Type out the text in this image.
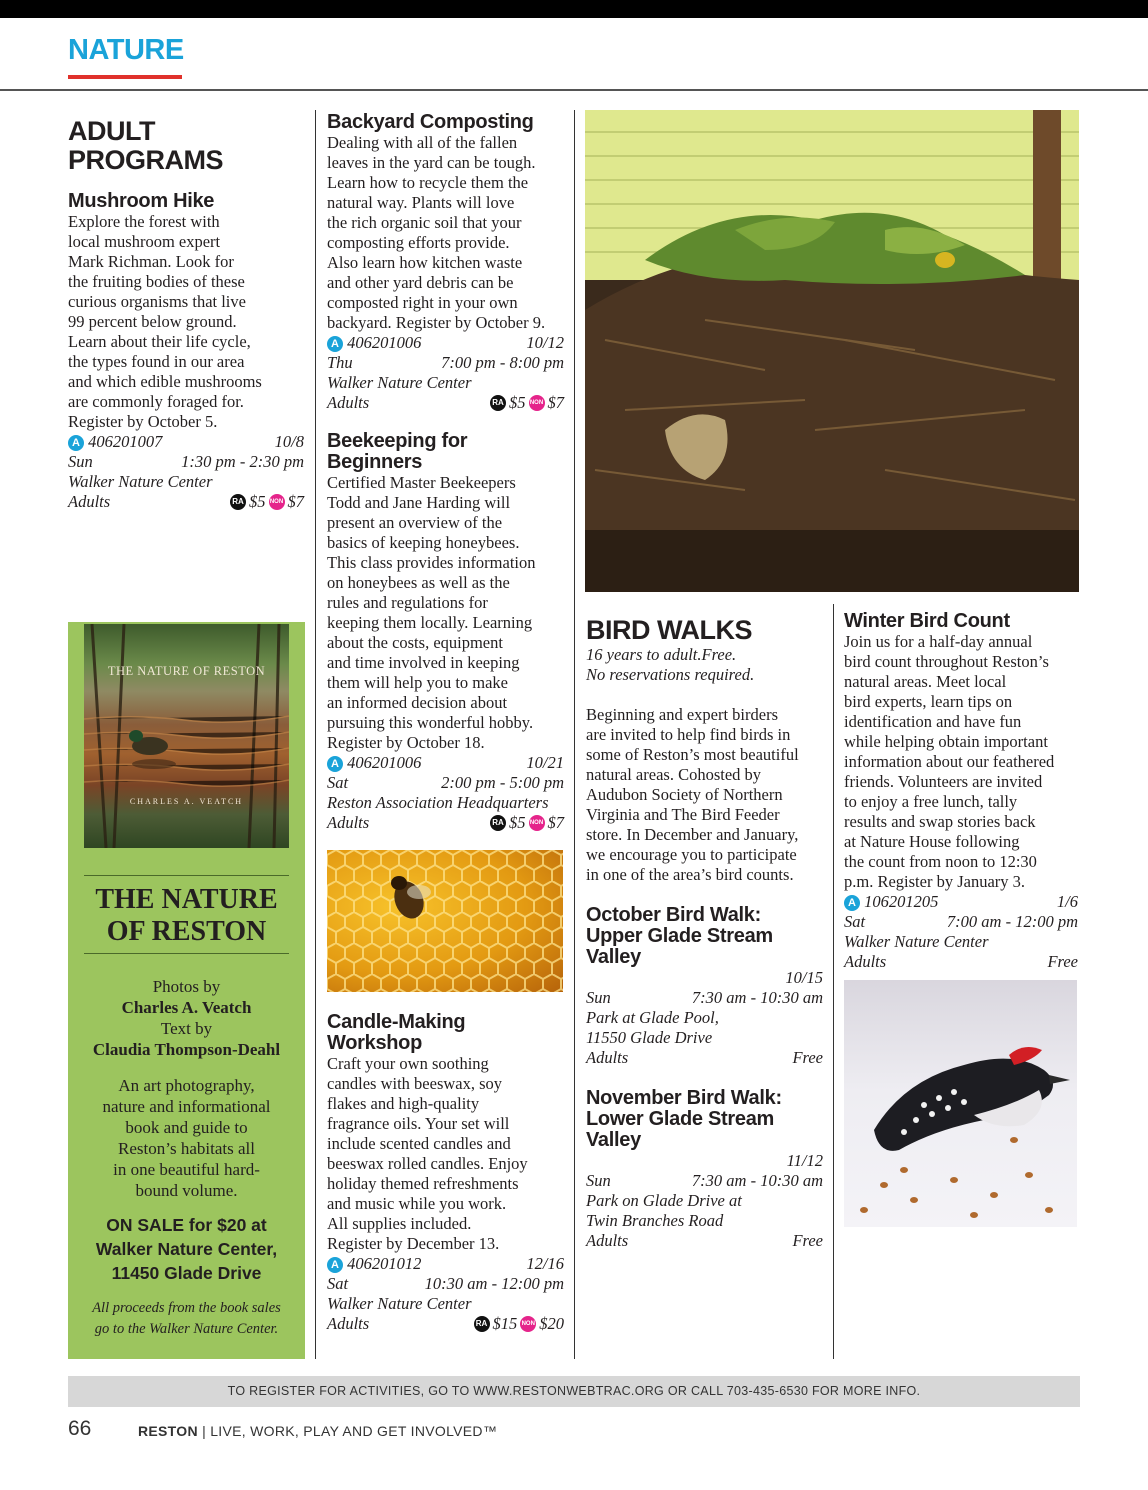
NATURE
ADULT PROGRAMS
Mushroom Hike
Explore the forest with
local mushroom expert
Mark Richman. Look for
the fruiting bodies of these
curious organisms that live
99 percent below ground.
Learn about their life cycle,
the types found in our area
and which edible mushrooms
are commonly foraged for.
Register by October 5.
A 406201007	10/8
Sun	1:30 pm - 2:30 pm
Walker Nature Center
Adults	RA $5 NON $7
THE NATURE OF RESTON
CHARLES A. VEATCH
THE NATURE
OF RESTON
Photos by
Charles A. Veatch
Text by
Claudia Thompson-Deahl
An art photography,
nature and informational
book and guide to
Reston’s habitats all
in one beautiful hard-
bound volume.
ON SALE for $20 at
Walker Nature Center,
11450 Glade Drive
All proceeds from the book sales
go to the Walker Nature Center.
Backyard Composting
Dealing with all of the fallen
leaves in the yard can be tough.
Learn how to recycle them the
natural way. Plants will love
the rich organic soil that your
composting efforts provide.
Also learn how kitchen waste
and other yard debris can be
composted right in your own
backyard. Register by October 9.
A 406201006	10/12
Thu	7:00 pm - 8:00 pm
Walker Nature Center
Adults	RA $5 NON $7
Beekeeping for
Beginners
Certified Master Beekeepers
Todd and Jane Harding will
present an overview of the
basics of keeping honeybees.
This class provides information
on honeybees as well as the
rules and regulations for
keeping them locally. Learning
about the costs, equipment
and time involved in keeping
them will help you to make
an informed decision about
pursuing this wonderful hobby.
Register by October 18.
A 406201006	10/21
Sat	2:00 pm - 5:00 pm
Reston Association Headquarters
Adults	RA $5 NON $7
Candle-Making
Workshop
Craft your own soothing
candles with beeswax, soy
flakes and high-quality
fragrance oils. Your set will
include scented candles and
beeswax rolled candles. Enjoy
holiday themed refreshments
and music while you work.
All supplies included.
Register by December 13.
A 406201012	12/16
Sat	10:30 am - 12:00 pm
Walker Nature Center
Adults	RA $15 NON $20
BIRD WALKS
16 years to adult.Free.
No reservations required.
Beginning and expert birders
are invited to help find birds in
some of Reston’s most beautiful
natural areas. Cohosted by
Audubon Society of Northern
Virginia and The Bird Feeder
store. In December and January,
we encourage you to participate
in one of the area’s bird counts.
October Bird Walk:
Upper Glade Stream
Valley
10/15
Sun	7:30 am - 10:30 am
Park at Glade Pool,
11550 Glade Drive
Adults	Free
November Bird Walk:
Lower Glade Stream
Valley
11/12
Sun	7:30 am - 10:30 am
Park on Glade Drive at
Twin Branches Road
Adults	Free
Winter Bird Count
Join us for a half-day annual
bird count throughout Reston’s
natural areas. Meet local
bird experts, learn tips on
identification and have fun
while helping obtain important
information about our feathered
friends. Volunteers are invited
to enjoy a free lunch, tally
results and swap stories back
at Nature House following
the count from noon to 12:30
p.m. Register by January 3.
A 106201205	1/6
Sat	7:00 am - 12:00 pm
Walker Nature Center
Adults	Free
TO REGISTER FOR ACTIVITIES, GO TO WWW.RESTONWEBTRAC.ORG OR CALL 703-435-6530 FOR MORE INFO.
66	RESTON | LIVE, WORK, PLAY AND GET INVOLVED™
